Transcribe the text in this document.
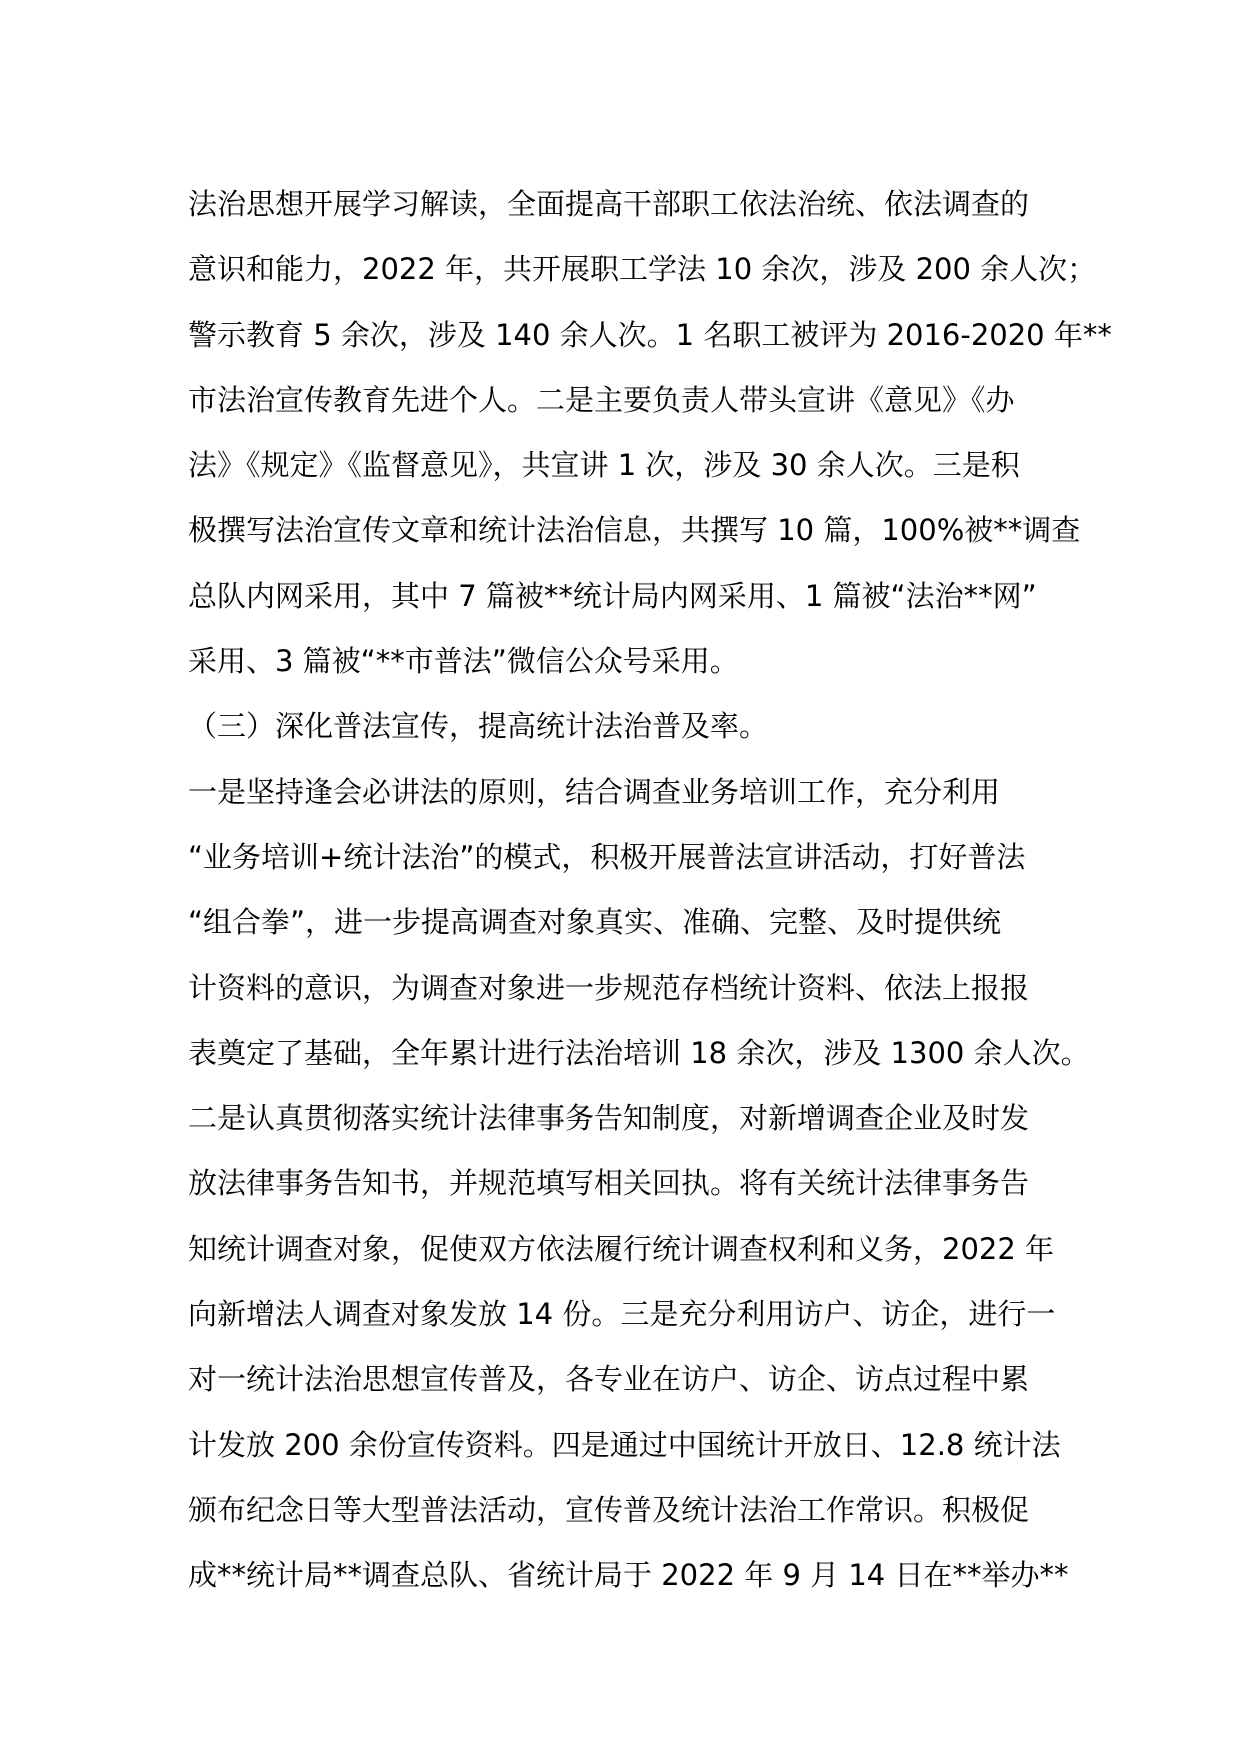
法治思想开展学习解读，全面提高干部职工依法治统、依法调查的
意识和能力，2022 年，共开展职工学法 10 余次，涉及 200 余人次；
警示教育 5 余次，涉及 140 余人次。1 名职工被评为 2016-2020 年**
市法治宣传教育先进个人。二是主要负责人带头宣讲《意见》《办
法》《规定》《监督意见》，共宣讲 1 次，涉及 30 余人次。三是积
极撰写法治宣传文章和统计法治信息，共撰写 10 篇，100%被**调查
总队内网采用，其中 7 篇被**统计局内网采用、1 篇被“法治**网”
采用、3 篇被“**市普法”微信公众号采用。
（三）深化普法宣传，提高统计法治普及率。
一是坚持逢会必讲法的原则，结合调查业务培训工作，充分利用
“业务培训+统计法治”的模式，积极开展普法宣讲活动，打好普法
“组合拳”，进一步提高调查对象真实、准确、完整、及时提供统
计资料的意识，为调查对象进一步规范存档统计资料、依法上报报
表奠定了基础，全年累计进行法治培训 18 余次，涉及 1300 余人次。
二是认真贯彻落实统计法律事务告知制度，对新增调查企业及时发
放法律事务告知书，并规范填写相关回执。将有关统计法律事务告
知统计调查对象，促使双方依法履行统计调查权利和义务，2022 年
向新增法人调查对象发放 14 份。三是充分利用访户、访企，进行一
对一统计法治思想宣传普及，各专业在访户、访企、访点过程中累
计发放 200 余份宣传资料。四是通过中国统计开放日、12.8 统计法
颁布纪念日等大型普法活动，宣传普及统计法治工作常识。积极促
成**统计局**调查总队、省统计局于 2022 年 9 月 14 日在**举办**
